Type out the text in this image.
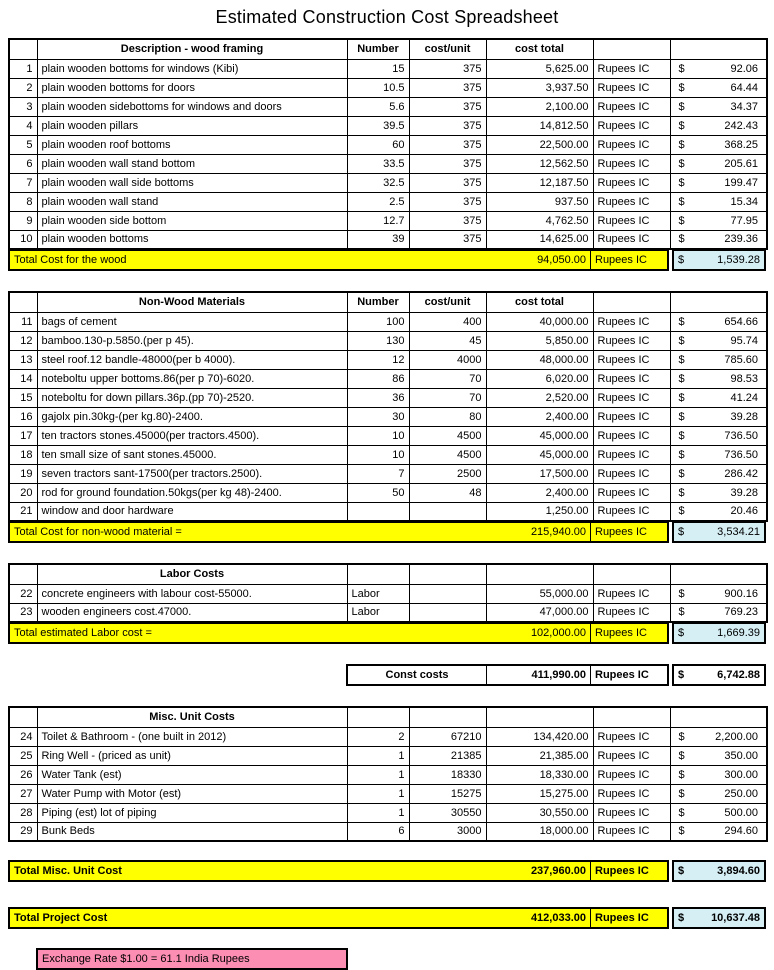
Estimated Construction Cost Spreadsheet
	Description - wood framing	Number	cost/unit	cost total		
1	plain wooden bottoms for windows (Kibi)	15	375	5,625.00	Rupees IC	$ 92.06

2	plain wooden bottoms for doors	10.5	375	3,937.50	Rupees IC	$ 64.44

3	plain wooden sidebottoms for windows and doors	5.6	375	2,100.00	Rupees IC	$ 34.37

4	plain wooden pillars	39.5	375	14,812.50	Rupees IC	$ 242.43

5	plain wooden roof bottoms	60	375	22,500.00	Rupees IC	$ 368.25

6	plain wooden wall stand bottom	33.5	375	12,562.50	Rupees IC	$ 205.61

7	plain wooden wall side bottoms	32.5	375	12,187.50	Rupees IC	$ 199.47

8	plain wooden wall stand	2.5	375	937.50	Rupees IC	$ 15.34

9	plain wooden side bottom	12.7	375	4,762.50	Rupees IC	$ 77.95

10	plain wooden bottoms	39	375	14,625.00	Rupees IC	$ 239.36
Total Cost for the wood	94,050.00 Rupees IC	$	1,539.28
	Non-Wood Materials	Number	cost/unit	cost total		
11	bags of cement	100	400	40,000.00	Rupees IC	$ 654.66

12	bamboo.130-p.5850.(per p 45).	130	45	5,850.00	Rupees IC	$ 95.74

13	steel roof.12 bandle-48000(per b 4000).	12	4000	48,000.00	Rupees IC	$ 785.60

14	noteboltu upper bottoms.86(per p 70)-6020.	86	70	6,020.00	Rupees IC	$ 98.53

15	noteboltu for down pillars.36p.(pp 70)-2520.	36	70	2,520.00	Rupees IC	$ 41.24

16	gajolx pin.30kg-(per kg.80)-2400.	30	80	2,400.00	Rupees IC	$ 39.28

17	ten tractors stones.45000(per tractors.4500).	10	4500	45,000.00	Rupees IC	$ 736.50

18	ten small size of sant stones.45000.	10	4500	45,000.00	Rupees IC	$ 736.50

19	seven tractors sant-17500(per tractors.2500).	7	2500	17,500.00	Rupees IC	$ 286.42

20	rod for ground foundation.50kgs(per kg 48)-2400.	50	48	2,400.00	Rupees IC	$ 39.28

21	window and door hardware			1,250.00	Rupees IC	$ 20.46
Total Cost for non-wood material =	215,940.00 Rupees IC	$	3,534.21
	Labor Costs					
22	concrete engineers with labour cost-55000.	Labor		55,000.00	Rupees IC	$ 900.16

23	wooden engineers cost.47000.	Labor		47,000.00	Rupees IC	$ 769.23
Total estimated Labor cost =	102,000.00 Rupees IC	$	1,669.39
Const costs	411,990.00 Rupees IC	$	6,742.88
	Misc. Unit Costs					
24	Toilet & Bathroom - (one built in 2012)	2	67210	134,420.00	Rupees IC	$ 2,200.00

25	Ring Well - (priced as unit)	1	21385	21,385.00	Rupees IC	$ 350.00

26	Water Tank (est)	1	18330	18,330.00	Rupees IC	$ 300.00

27	Water Pump with Motor (est)	1	15275	15,275.00	Rupees IC	$ 250.00

28	Piping (est) lot of piping	1	30550	30,550.00	Rupees IC	$ 500.00

29	Bunk Beds	6	3000	18,000.00	Rupees IC	$ 294.60
Total Misc. Unit Cost	237,960.00 Rupees IC	$	3,894.60
Total Project Cost	412,033.00 Rupees IC	$ 10,637.48
Exchange Rate $1.00 = 61.1 India Rupees
